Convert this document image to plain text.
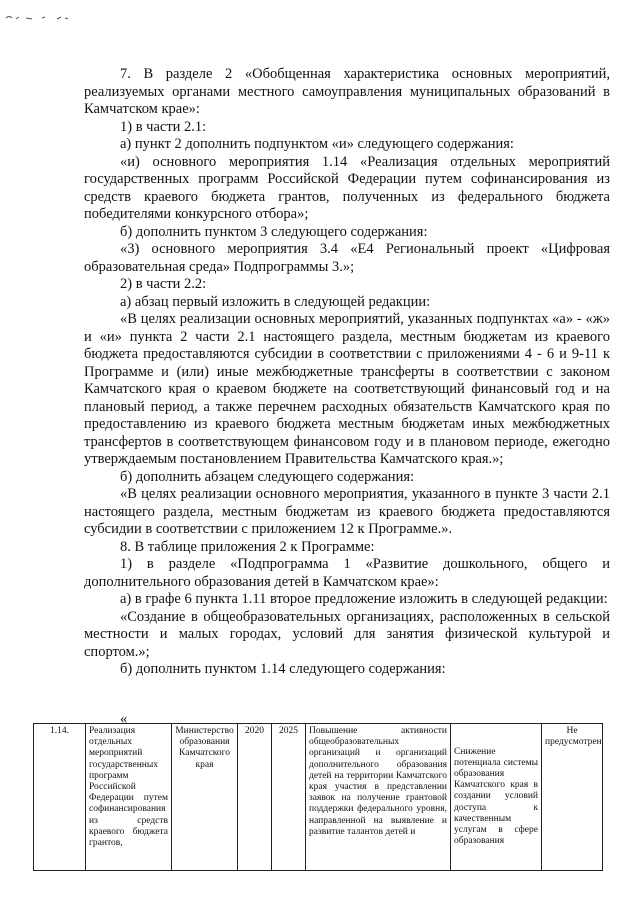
7. В разделе 2 «Обобщенная характеристика основных мероприятий, реализуемых органами местного самоуправления муниципальных образований в Камчатском крае»:

1) в части 2.1:

а) пункт 2 дополнить подпунктом «и» следующего содержания:

«и) основного мероприятия 1.14 «Реализация отдельных мероприятий государственных программ Российской Федерации путем софинансирования из средств краевого бюджета грантов, полученных из федерального бюджета победителями конкурсного отбора»;

б) дополнить пунктом 3 следующего содержания:

«3) основного мероприятия 3.4 «Е4 Региональный проект «Цифровая образовательная среда» Подпрограммы 3.»;

2) в части 2.2:

а) абзац первый изложить в следующей редакции:

«В целях реализации основных мероприятий, указанных подпунктах «а» - «ж» и «и» пункта 2 части 2.1 настоящего раздела, местным бюджетам из краевого бюджета предоставляются субсидии в соответствии с приложениями 4 - 6 и 9-11 к Программе и (или) иные межбюджетные трансферты в соответствии с законом Камчатского края о краевом бюджете на соответствующий финансовый год и на плановый период, а также перечнем расходных обязательств Камчатского края по предоставлению из краевого бюджета местным бюджетам иных межбюджетных трансфертов в соответствующем финансовом году и в плановом периоде, ежегодно утверждаемым постановлением Правительства Камчатского края.»;

б) дополнить абзацем следующего содержания:

«В целях реализации основного мероприятия, указанного в пункте 3 части 2.1 настоящего раздела, местным бюджетам из краевого бюджета предоставляются субсидии в соответствии с приложением 12 к Программе.».

8. В таблице приложения 2 к Программе:

1) в разделе «Подпрограмма 1 «Развитие дошкольного, общего и дополнительного образования детей в Камчатском крае»:

а) в графе 6 пункта 1.11 второе предложение изложить в следующей редакции:

«Создание в общеобразовательных организациях, расположенных в сельской местности и малых городах, условий для занятия физической культурой и спортом.»;

б) дополнить пунктом 1.14 следующего содержания:

«
1.14.	Реализация отдельных мероприятий государственных программ Российской Федерации путем софинансирования из средств краевого бюджета грантов,	Министерство образования Камчатского края	2020	2025	Повышение активности общеобразовательных организаций и организаций дополнительного образования детей на территории Камчатского края участия в представлении заявок на получение грантовой поддержки федерального уровня, направленной на выявление и развитие талантов детей и	Снижение потенциала системы образования Камчатского края в создании условий доступа к качественным услугам в сфере образования	Не предусмотрен
